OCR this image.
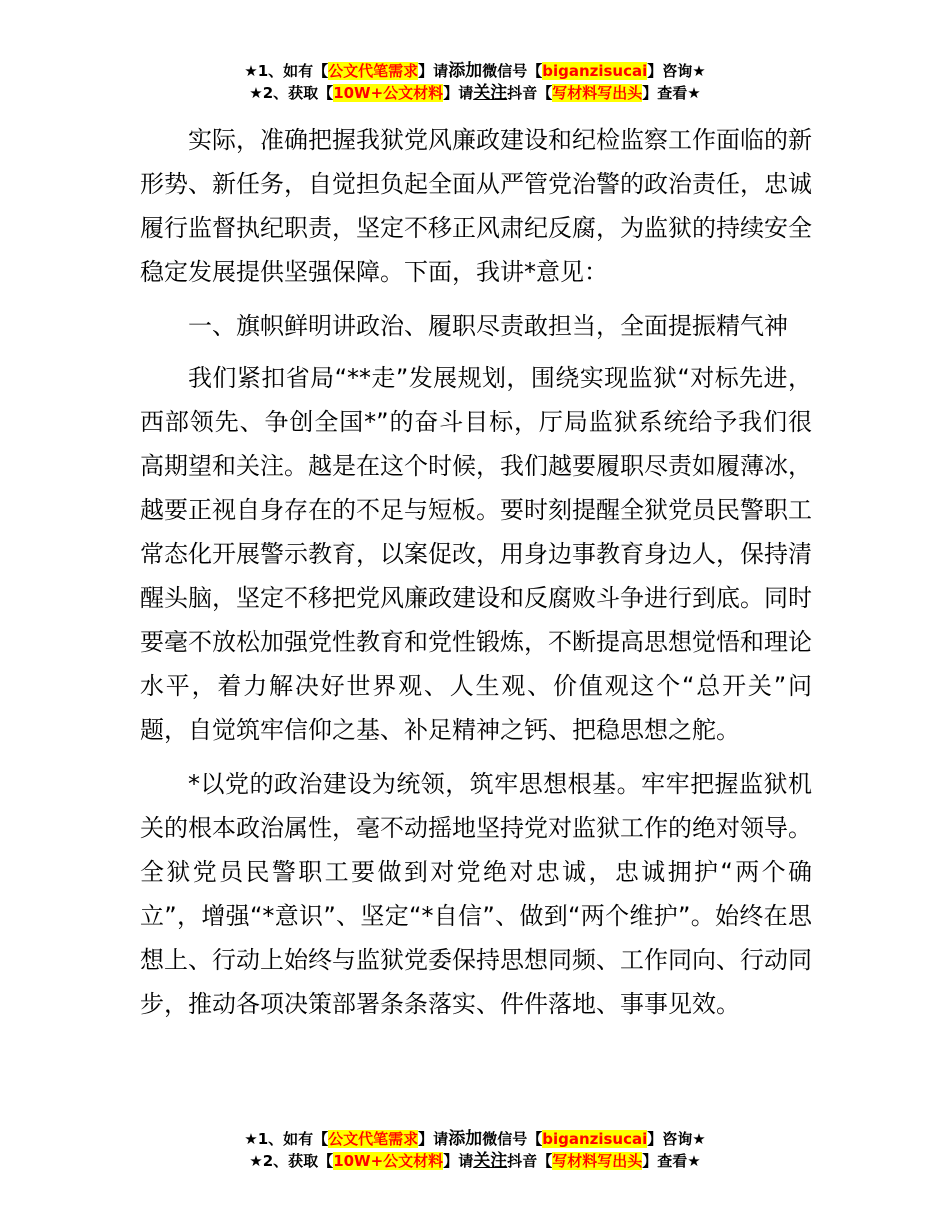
★1、如有【公文代笔需求】请添加微信号【biganzisucai】咨询★
★2、获取【10W+公文材料】请关注抖音【写材料写出头】查看★

实际，准确把握我狱党风廉政建设和纪检监察工作面临的新形势、新任务，自觉担负起全面从严管党治警的政治责任，忠诚履行监督执纪职责，坚定不移正风肃纪反腐，为监狱的持续安全稳定发展提供坚强保障。下面，我讲*意见：

一、旗帜鲜明讲政治、履职尽责敢担当，全面提振精气神

我们紧扣省局“**走”发展规划，围绕实现监狱“对标先进，西部领先、争创全国*”的奋斗目标，厅局监狱系统给予我们很高期望和关注。越是在这个时候，我们越要履职尽责如履薄冰，越要正视自身存在的不足与短板。要时刻提醒全狱党员民警职工常态化开展警示教育，以案促改，用身边事教育身边人，保持清醒头脑，坚定不移把党风廉政建设和反腐败斗争进行到底。同时要毫不放松加强党性教育和党性锻炼，不断提高思想觉悟和理论水平，着力解决好世界观、人生观、价值观这个“总开关”问题，自觉筑牢信仰之基、补足精神之钙、把稳思想之舵。

*以党的政治建设为统领，筑牢思想根基。牢牢把握监狱机关的根本政治属性，毫不动摇地坚持党对监狱工作的绝对领导。全狱党员民警职工要做到对党绝对忠诚，忠诚拥护“两个确立”，增强“*意识”、坚定“*自信”、做到“两个维护”。始终在思想上、行动上始终与监狱党委保持思想同频、工作同向、行动同步，推动各项决策部署条条落实、件件落地、事事见效。

★1、如有【公文代笔需求】请添加微信号【biganzisucai】咨询★
★2、获取【10W+公文材料】请关注抖音【写材料写出头】查看★
